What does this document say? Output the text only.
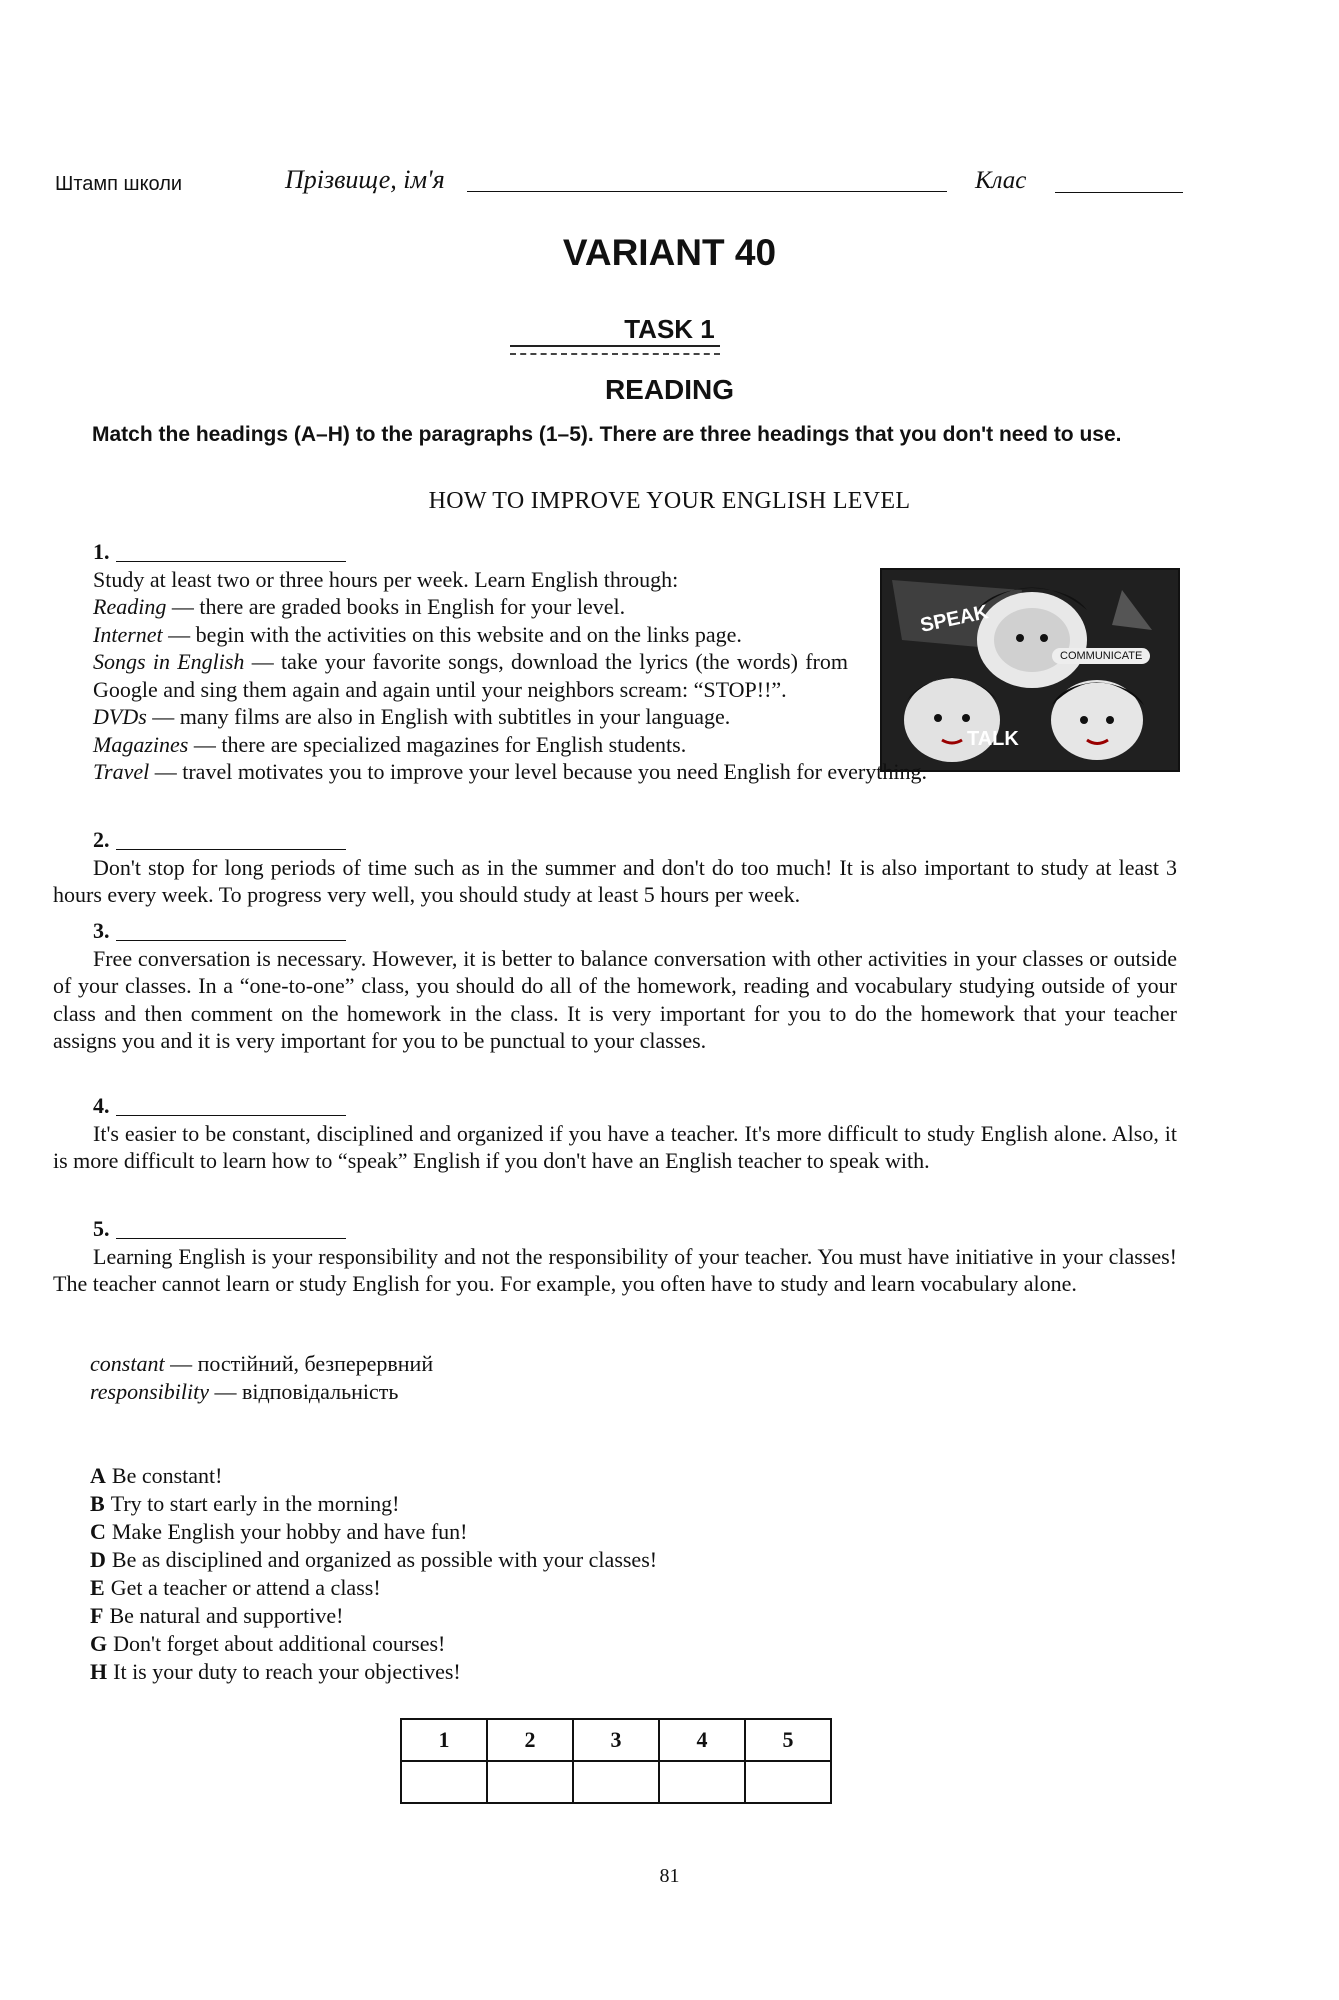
Штамп школи	Прізвище, ім'я	Клас
VARIANT 40
TASK 1
READING
Match the headings (A–H) to the paragraphs (1–5). There are three headings that you don't need to use.
HOW TO IMPROVE YOUR ENGLISH LEVEL
SPEAK
COMMUNICATE
TALK
1.
Study at least two or three hours per week. Learn English through:
Reading — there are graded books in English for your level.
Internet — begin with the activities on this website and on the links page.
Songs in English — take your favorite songs, download the lyrics (the words) from Google and sing them again and again until your neighbors scream: “STOP!!”.
DVDs — many films are also in English with subtitles in your language.
Magazines — there are specialized magazines for English students.
Travel — travel motivates you to improve your level because you need English for everything.
2.
Don't stop for long periods of time such as in the summer and don't do too much! It is also important to study at least 3 hours every week. To progress very well, you should study at least 5 hours per week.
3.
Free conversation is necessary. However, it is better to balance conversation with other activities in your classes or outside of your classes. In a “one-to-one” class, you should do all of the homework, reading and vocabulary studying outside of your class and then comment on the homework in the class. It is very important for you to do the homework that your teacher assigns you and it is very important for you to be punctual to your classes.
4.
It's easier to be constant, disciplined and organized if you have a teacher. It's more difficult to study English alone. Also, it is more difficult to learn how to “speak” English if you don't have an English teacher to speak with.
5.
Learning English is your responsibility and not the responsibility of your teacher. You must have initiative in your classes! The teacher cannot learn or study English for you. For example, you often have to study and learn vocabulary alone.
constant — постійний, безперервний
responsibility — відповідальність
A Be constant!
B Try to start early in the morning!
C Make English your hobby and have fun!
D Be as disciplined and organized as possible with your classes!
E Get a teacher or attend a class!
F Be natural and supportive!
G Don't forget about additional courses!
H It is your duty to reach your objectives!
1	2	3	4	5

81
